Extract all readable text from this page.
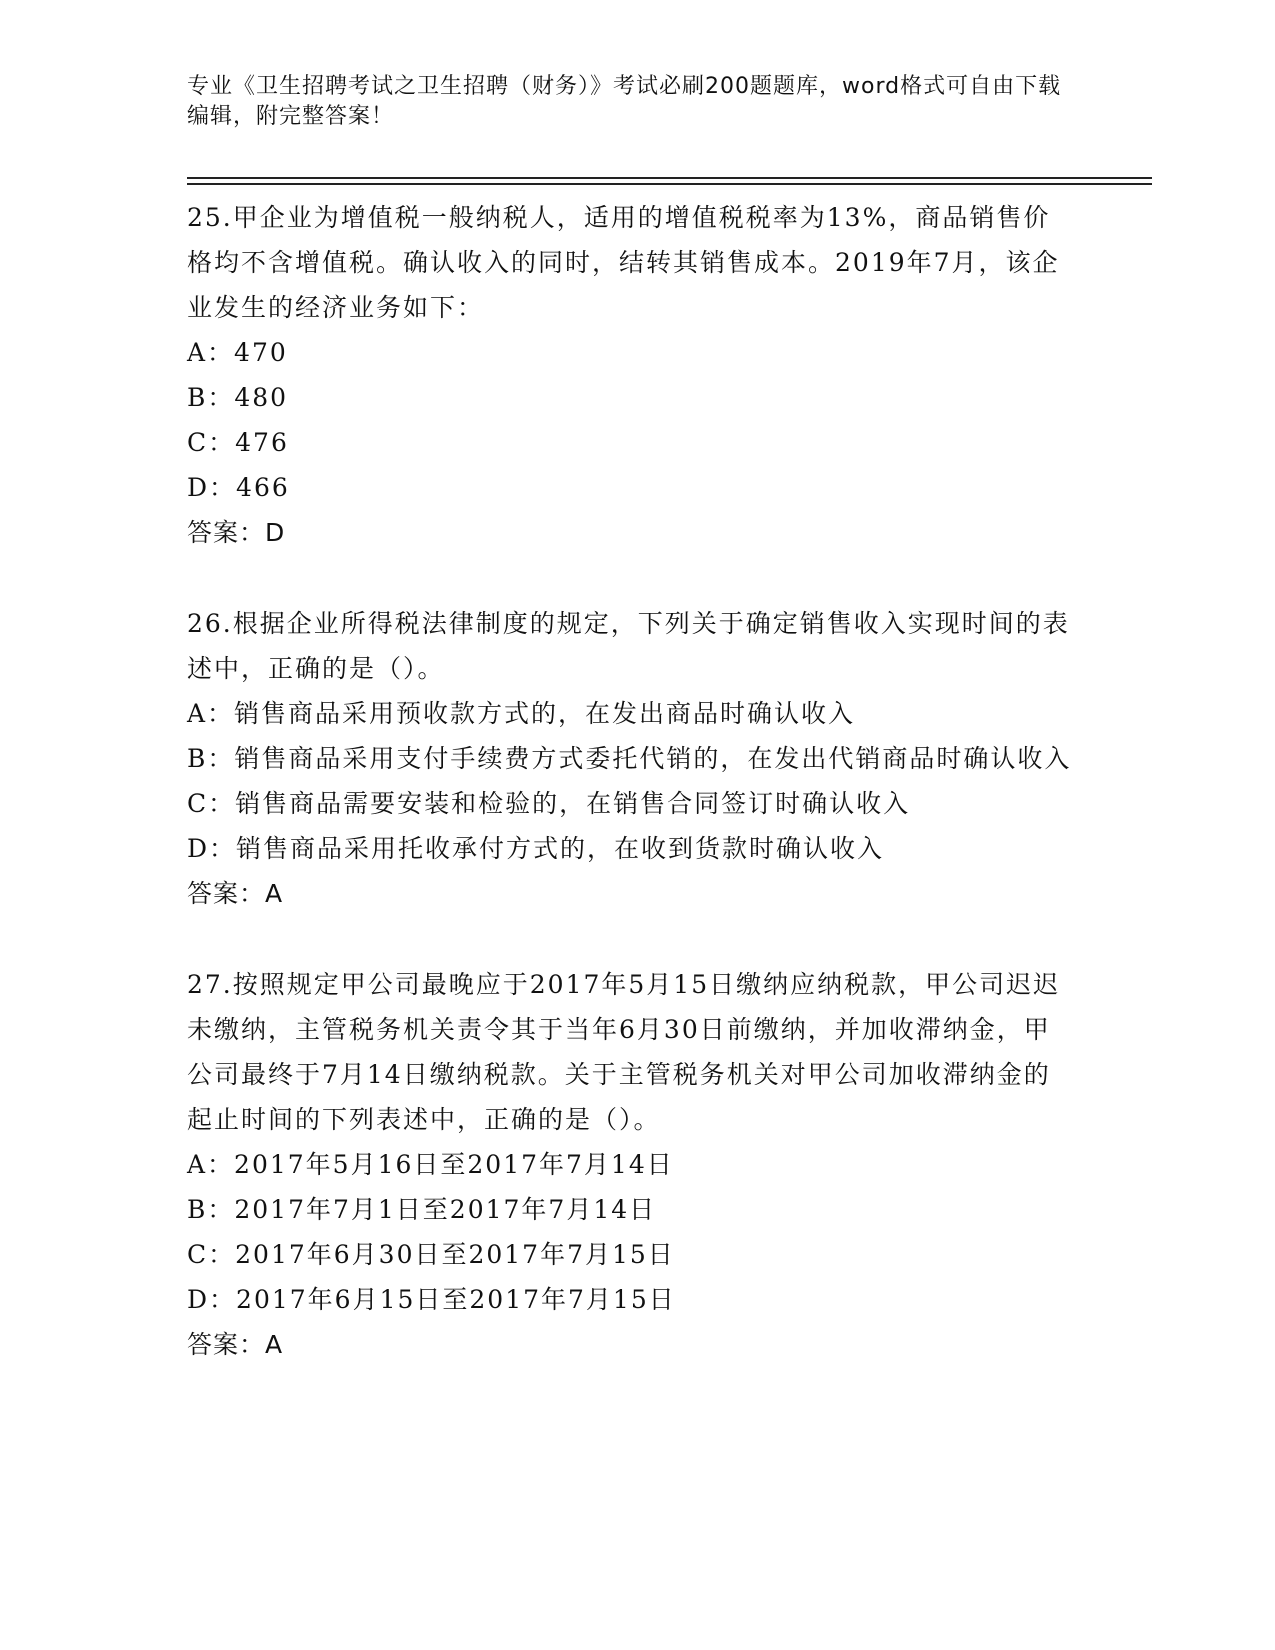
专业《卫生招聘考试之卫生招聘（财务）》考试必刷200题题库，word格式可自由下载编辑，附完整答案！
25.甲企业为增值税一般纳税人，适用的增值税税率为13%，商品销售价格均不含增值税。确认收入的同时，结转其销售成本。2019年7月，该企业发生的经济业务如下：
A：470
B：480
C：476
D：466
答案：D
26.根据企业所得税法律制度的规定，下列关于确定销售收入实现时间的表述中，正确的是（）。
A：销售商品采用预收款方式的，在发出商品时确认收入
B：销售商品采用支付手续费方式委托代销的，在发出代销商品时确认收入
C：销售商品需要安装和检验的，在销售合同签订时确认收入
D：销售商品采用托收承付方式的，在收到货款时确认收入
答案：A
27.按照规定甲公司最晚应于2017年5月15日缴纳应纳税款，甲公司迟迟未缴纳，主管税务机关责令其于当年6月30日前缴纳，并加收滞纳金，甲公司最终于7月14日缴纳税款。关于主管税务机关对甲公司加收滞纳金的起止时间的下列表述中，正确的是（）。
A：2017年5月16日至2017年7月14日
B：2017年7月1日至2017年7月14日
C：2017年6月30日至2017年7月15日
D：2017年6月15日至2017年7月15日
答案：A
